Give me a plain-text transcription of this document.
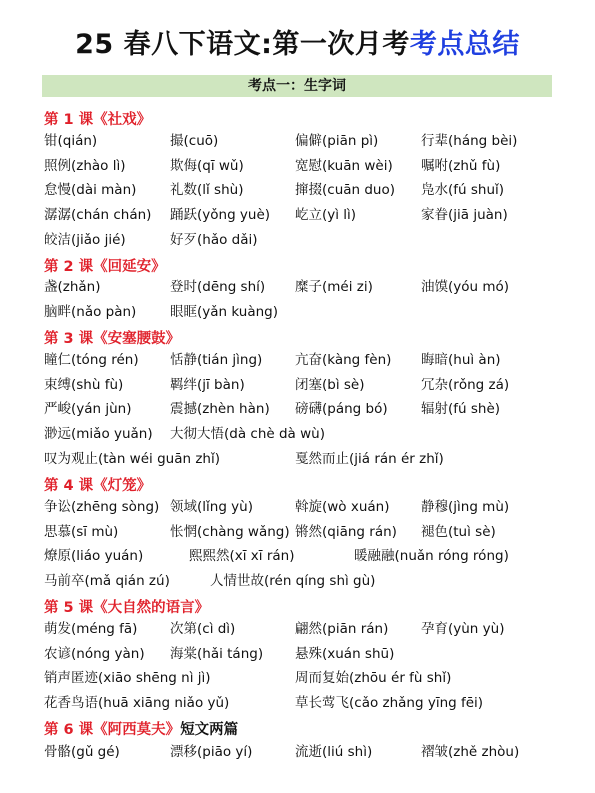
25 春八下语文:第一次月考考点总结
考点一：生字词
第 1 课《社戏》
钳(qián)	撮(cuō)	偏僻(piān pì)	行辈(háng bèi)
照例(zhào lì)	欺侮(qī wǔ)	宽慰(kuān wèi) 嘱咐(zhǔ fù)
怠慢(dài màn) 礼数(lǐ shù)	撺掇(cuān duo) 凫水(fú shuǐ)
潺潺(chán chán) 踊跃(yǒng yuè) 屹立(yì lì)	家眷(jiā juàn)
皎洁(jiǎo jié)	好歹(hǎo dǎi)
第 2 课《回延安》
盏(zhǎn)	登时(dēng shí) 糜子(méi zi)	油馍(yóu mó)
脑畔(nǎo pàn) 眼眶(yǎn kuàng)
第 3 课《安塞腰鼓》
瞳仁(tóng rén) 恬静(tián jìng) 亢奋(kàng fèn) 晦暗(huì àn)
束缚(shù fù)	羁绊(jī bàn)	闭塞(bì sè)	冗杂(rǒng zá)
严峻(yán jùn)	震撼(zhèn hàn) 磅礴(páng bó) 辐射(fú shè)
渺远(miǎo yuǎn) 大彻大悟(dà chè dà wù)
叹为观止(tàn wéi guān zhǐ)	戛然而止(jiá rán ér zhǐ)
第 4 课《灯笼》
争讼(zhēng sòng) 领域(lǐng yù)	斡旋(wò xuán) 静穆(jìng mù)
思慕(sī mù)	怅惘(chàng wǎng) 锵然(qiāng rán) 褪色(tuì sè)
燎原(liáo yuán)	熙熙然(xī xī rán)	暖融融(nuǎn róng róng)
马前卒(mǎ qián zú)	人情世故(rén qíng shì gù)
第 5 课《大自然的语言》
萌发(méng fā) 次第(cì dì)	翩然(piān rán) 孕育(yùn yù)
农谚(nóng yàn) 海棠(hǎi táng) 悬殊(xuán shū)
销声匿迹(xiāo shēng nì jì)	周而复始(zhōu ér fù shǐ)
花香鸟语(huā xiāng niǎo yǔ)	草长莺飞(cǎo zhǎng yīng fēi)
第 6 课《阿西莫夫》短文两篇
骨骼(gǔ gé)	漂移(piāo yí)	流逝(liú shì)	褶皱(zhě zhòu)
